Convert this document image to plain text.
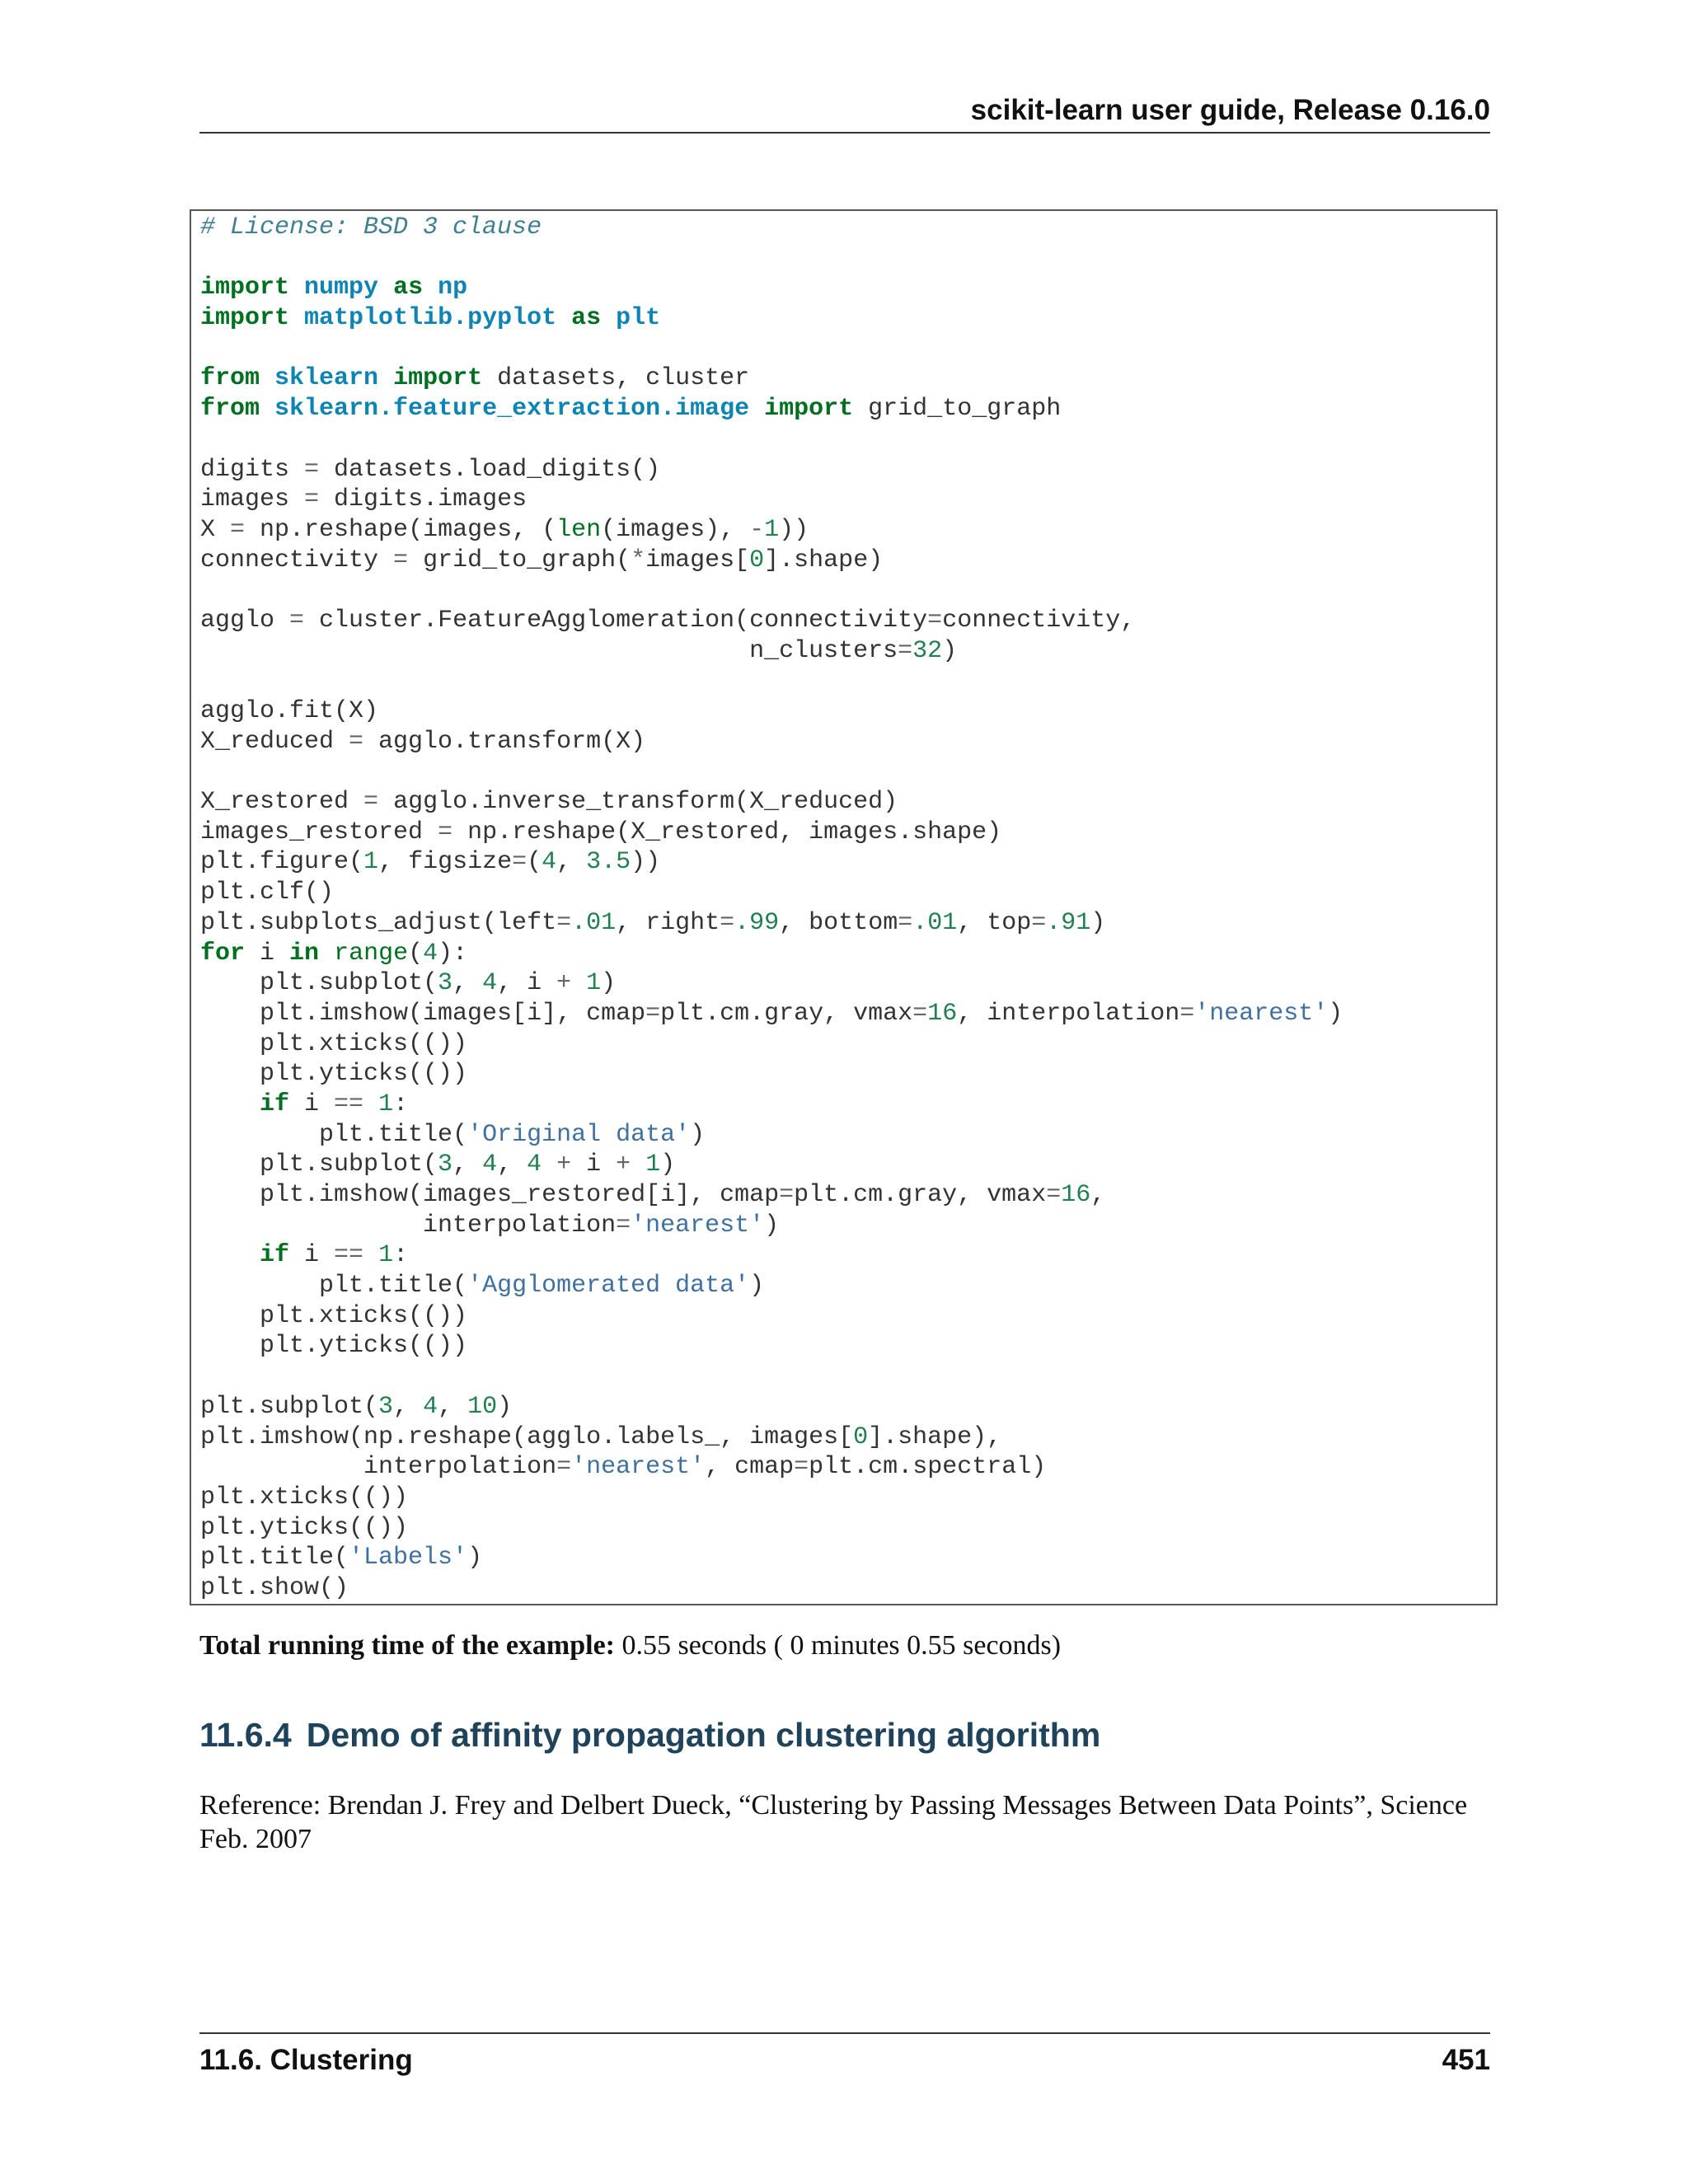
scikit-learn user guide, Release 0.16.0
# License: BSD 3 clause

import numpy as np
import matplotlib.pyplot as plt

from sklearn import datasets, cluster
from sklearn.feature_extraction.image import grid_to_graph

digits = datasets.load_digits()
images = digits.images
X = np.reshape(images, (len(images), -1))
connectivity = grid_to_graph(*images[0].shape)

agglo = cluster.FeatureAgglomeration(connectivity=connectivity,
n_clusters=32)

agglo.fit(X)
X_reduced = agglo.transform(X)

X_restored = agglo.inverse_transform(X_reduced)
images_restored = np.reshape(X_restored, images.shape)
plt.figure(1, figsize=(4, 3.5))
plt.clf()
plt.subplots_adjust(left=.01, right=.99, bottom=.01, top=.91)
for i in range(4):
plt.subplot(3, 4, i + 1)
plt.imshow(images[i], cmap=plt.cm.gray, vmax=16, interpolation='nearest')
plt.xticks(())
plt.yticks(())
if i == 1:
plt.title('Original data')
plt.subplot(3, 4, 4 + i + 1)
plt.imshow(images_restored[i], cmap=plt.cm.gray, vmax=16,
interpolation='nearest')
if i == 1:
plt.title('Agglomerated data')
plt.xticks(())
plt.yticks(())

plt.subplot(3, 4, 10)
plt.imshow(np.reshape(agglo.labels_, images[0].shape),
interpolation='nearest', cmap=plt.cm.spectral)
plt.xticks(())
plt.yticks(())
plt.title('Labels')
plt.show()
Total running time of the example: 0.55 seconds ( 0 minutes 0.55 seconds)
11.6.4 Demo of affinity propagation clustering algorithm
Reference: Brendan J. Frey and Delbert Dueck, “Clustering by Passing Messages Between Data Points”, Science Feb. 2007
11.6. Clustering	451
